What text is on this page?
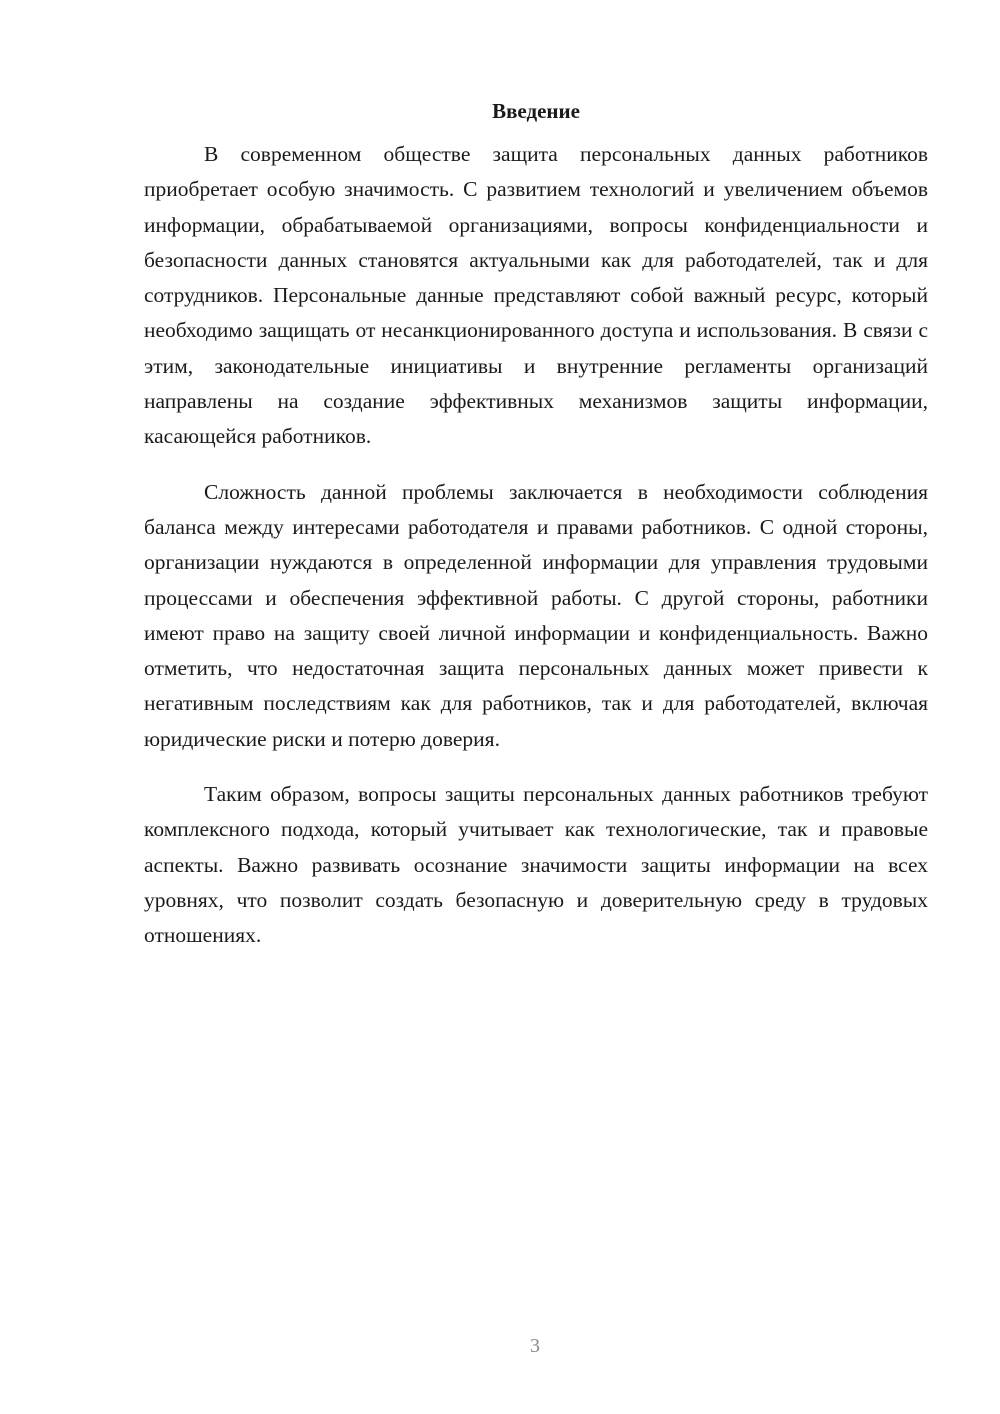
Введение

В современном обществе защита персональных данных работников приобретает особую значимость. С развитием технологий и увеличением объемов информации, обрабатываемой организациями, вопросы конфиденциальности и безопасности данных становятся актуальными как для работодателей, так и для сотрудников. Персональные данные представляют собой важный ресурс, который необходимо защищать от несанкционированного доступа и использования. В связи с этим, законодательные инициативы и внутренние регламенты организаций направлены на создание эффективных механизмов защиты информации, касающейся работников.

Сложность данной проблемы заключается в необходимости соблюдения баланса между интересами работодателя и правами работников. С одной стороны, организации нуждаются в определенной информации для управления трудовыми процессами и обеспечения эффективной работы. С другой стороны, работники имеют право на защиту своей личной информации и конфиденциальность. Важно отметить, что недостаточная защита персональных данных может привести к негативным последствиям как для работников, так и для работодателей, включая юридические риски и потерю доверия.

Таким образом, вопросы защиты персональных данных работников требуют комплексного подхода, который учитывает как технологические, так и правовые аспекты. Важно развивать осознание значимости защиты информации на всех уровнях, что позволит создать безопасную и доверительную среду в трудовых отношениях.

3
